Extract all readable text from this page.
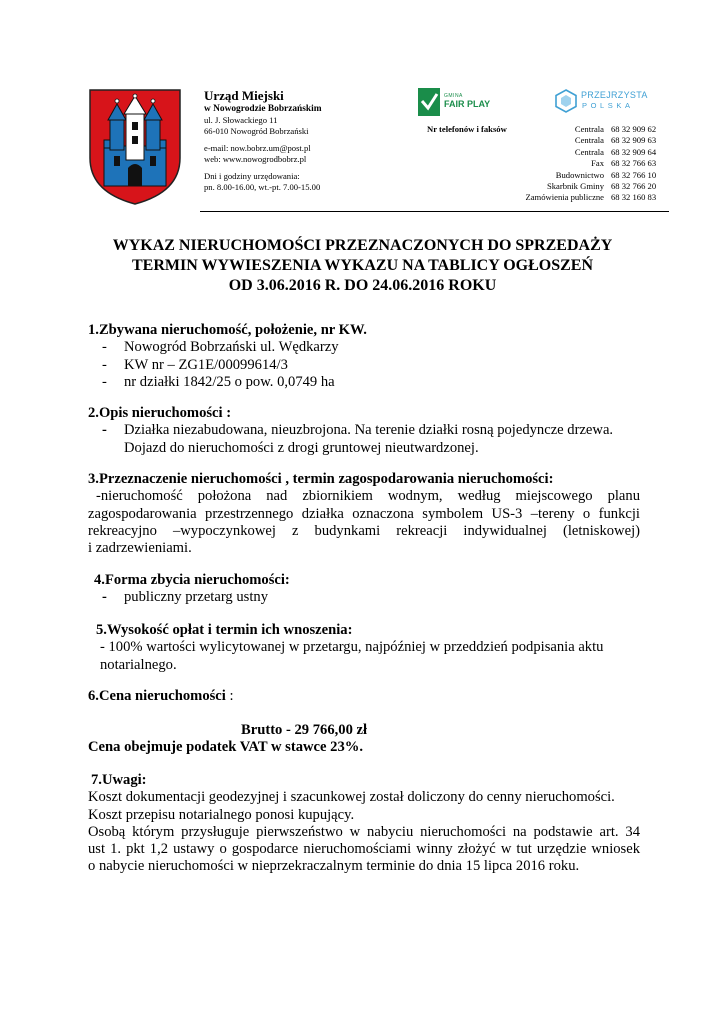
Urząd Miejski
w Nowogrodzie Bobrzańskim
ul. J. Słowackiego 11
66-010 Nowogród Bobrzański
e-mail: now.bobrz.um@post.pl
web: www.nowogrodbobrz.pl
Dni i godziny urzędowania:
pn. 8.00-16.00, wt.-pt. 7.00-15.00
GMINA
FAIR PLAY
PRZEJRZYSTA
POLSKA
Nr telefonów i faksów	Centrala 68 32 909 62
Centrala 68 32 909 63
Centrala 68 32 909 64
Fax 68 32 766 63
Budownictwo 68 32 766 10
Skarbnik Gminy 68 32 766 20
Zamówienia publiczne 68 32 160 83
WYKAZ NIERUCHOMOŚCI PRZEZNACZONYCH DO SPRZEDAŻY
TERMIN WYWIESZENIA WYKAZU NA TABLICY OGŁOSZEŃ
OD 3.06.2016 R. DO 24.06.2016 ROKU
1.Zbywana nieruchomość, położenie, nr KW.
- Nowogród Bobrzański ul. Wędkarzy
- KW nr – ZG1E/00099614/3
- nr działki 1842/25 o pow. 0,0749 ha
2.Opis nieruchomości :
- Działka niezabudowana, nieuzbrojona. Na terenie działki rosną pojedyncze drzewa.
Dojazd do nieruchomości z drogi gruntowej nieutwardzonej.
3.Przeznaczenie nieruchomości , termin zagospodarowania nieruchomości:
-nieruchomość położona nad zbiornikiem wodnym, według miejscowego planu
zagospodarowania przestrzennego działka oznaczona symbolem US-3 –tereny o funkcji
rekreacyjno –wypoczynkowej z budynkami rekreacji indywidualnej (letniskowej)
i zadrzewieniami.
4.Forma zbycia nieruchomości:
- publiczny przetarg ustny
5.Wysokość opłat i termin ich wnoszenia:
- 100% wartości wylicytowanej w przetargu, najpóźniej w przeddzień podpisania aktu
notarialnego.
6.Cena nieruchomości :
Brutto - 29 766,00 zł
Cena obejmuje podatek VAT w stawce 23%.
7.Uwagi:
Koszt dokumentacji geodezyjnej i szacunkowej został doliczony do cenny nieruchomości.
Koszt przepisu notarialnego ponosi kupujący.
Osobą którym przysługuje pierwszeństwo w nabyciu nieruchomości na podstawie art. 34
ust 1. pkt 1,2 ustawy o gospodarce nieruchomościami winny złożyć w tut urzędzie wniosek
o nabycie nieruchomości w nieprzekraczalnym terminie do dnia 15 lipca 2016 roku.
